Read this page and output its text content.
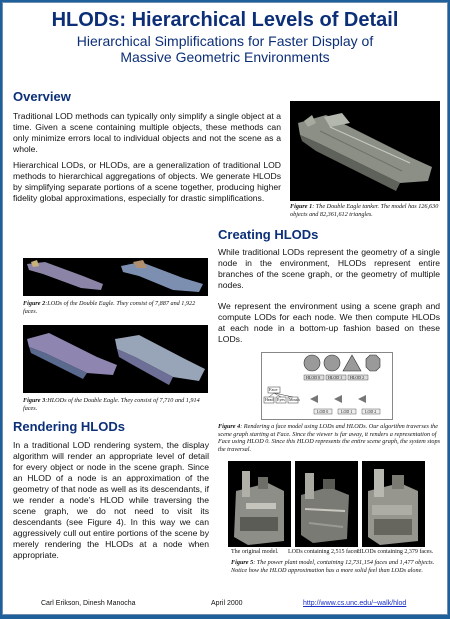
HLODs: Hierarchical Levels of Detail
Hierarchical Simplifications for Faster Display of
Massive Geometric Environments
Overview
Traditional LOD methods can typically only simplify a single object at a time. Given a scene containing multiple objects, these methods can only minimize errors local to individual objects and not the scene as a whole.
Hierarchical LODs, or HLODs, are a generalization of traditional LOD methods to hierarchical aggregations of objects. We generate HLODs by simplifying separate portions of a scene together, producing higher fidelity global approximations, especially for drastic simplifications.
Figure 1: The Double Eagle tanker. The model has 126,630 objects and 82,361,612 triangles.
Figure 2:LODs of the Double Eagle. They consist of 7,887 and 1,922 faces.
Figure 3:HLODs of the Double Eagle. They consist of 7,710 and 1,914 faces.
Creating HLODs
While traditional LODs represent the geometry of a single node in the environment, HLODs represent entire branches of the scene graph, or the geometry of multiple nodes.
We represent the environment using a scene graph and compute LODs for each node. We then compute HLODs at each node in a bottom-up fashion based on these LODs.
Face
Head Eyes Mouth
HLOD 0 HLOD 1 HLOD 2
LOD 0	LOD 1	LOD 2
Figure 4: Rendering a face model using LODs and HLODs. Our algorithm traverses the scene graph starting at Face. Since the viewer is far away, it renders a representation of Face using HLOD 0. Since this HLOD represents the entire scene graph, the system stops the traversal.
Rendering HLODs
In a traditional LOD rendering system, the display algorithm will render an appropriate level of detail for every object or node in the scene graph. Since an HLOD of a node is an approximation of the geometry of that node as well as its descendants, if we render a node’s HLOD while traversing the scene graph, we do not need to visit its descendants (see Figure 4). In this way we can aggressively cull out entire portions of the scene by merely rendering the HLODs at a node when appropriate.	The original model. LODs containing 2,515 faces.
HLODs containing 2,379 faces.
Figure 5: The power plant model, containing 12,731,154 faces and 1,477 objects. Notice how the HLOD approximation has a more solid feel than LODs alone.
Carl Erikson, Dinesh Manocha	April 2000	http://www.cs.unc.edu/~walk/hlod
